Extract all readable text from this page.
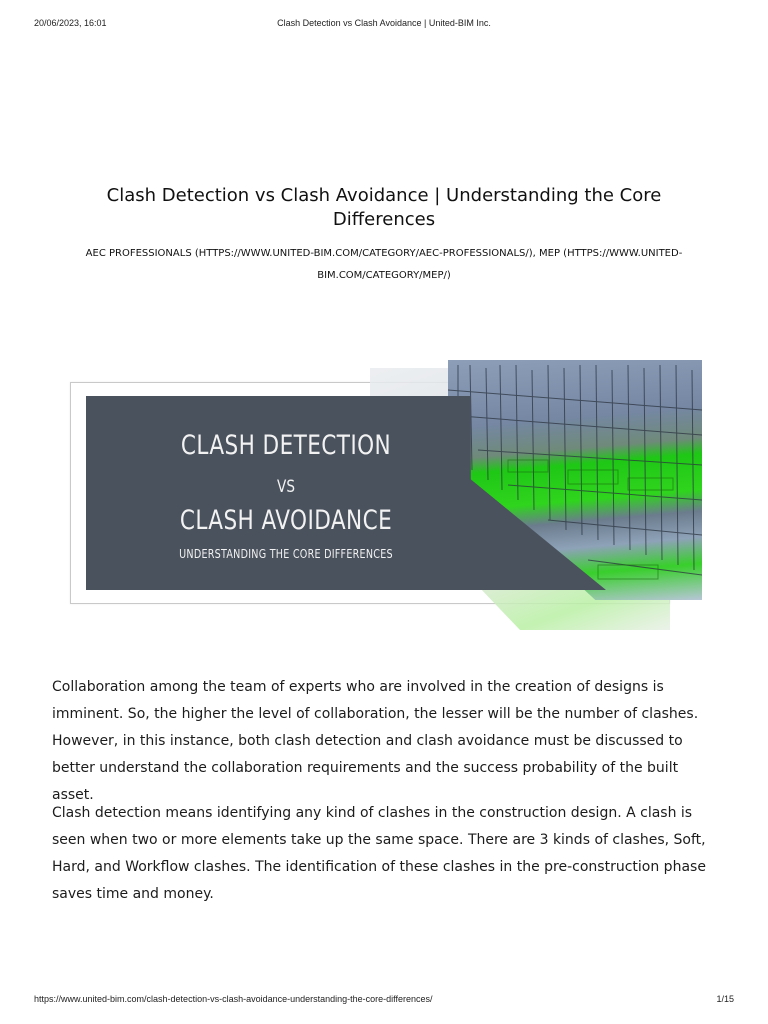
20/06/2023, 16:01	Clash Detection vs Clash Avoidance | United-BIM Inc.
Clash Detection vs Clash Avoidance | Understanding the Core Differences
AEC PROFESSIONALS (HTTPS://WWW.UNITED-BIM.COM/CATEGORY/AEC-PROFESSIONALS/), MEP (HTTPS://WWW.UNITED-BIM.COM/CATEGORY/MEP/)
CLASH DETECTION
VS
CLASH AVOIDANCE
UNDERSTANDING THE CORE DIFFERENCES

Collaboration among the team of experts who are involved in the creation of designs is imminent. So, the higher the level of collaboration, the lesser will be the number of clashes. However, in this instance, both clash detection and clash avoidance must be discussed to better understand the collaboration requirements and the success probability of the built asset.

Clash detection means identifying any kind of clashes in the construction design. A clash is seen when two or more elements take up the same space. There are 3 kinds of clashes, Soft, Hard, and Workflow clashes. The identification of these clashes in the pre-construction phase saves time and money.

https://www.united-bim.com/clash-detection-vs-clash-avoidance-understanding-the-core-differences/	1/15
